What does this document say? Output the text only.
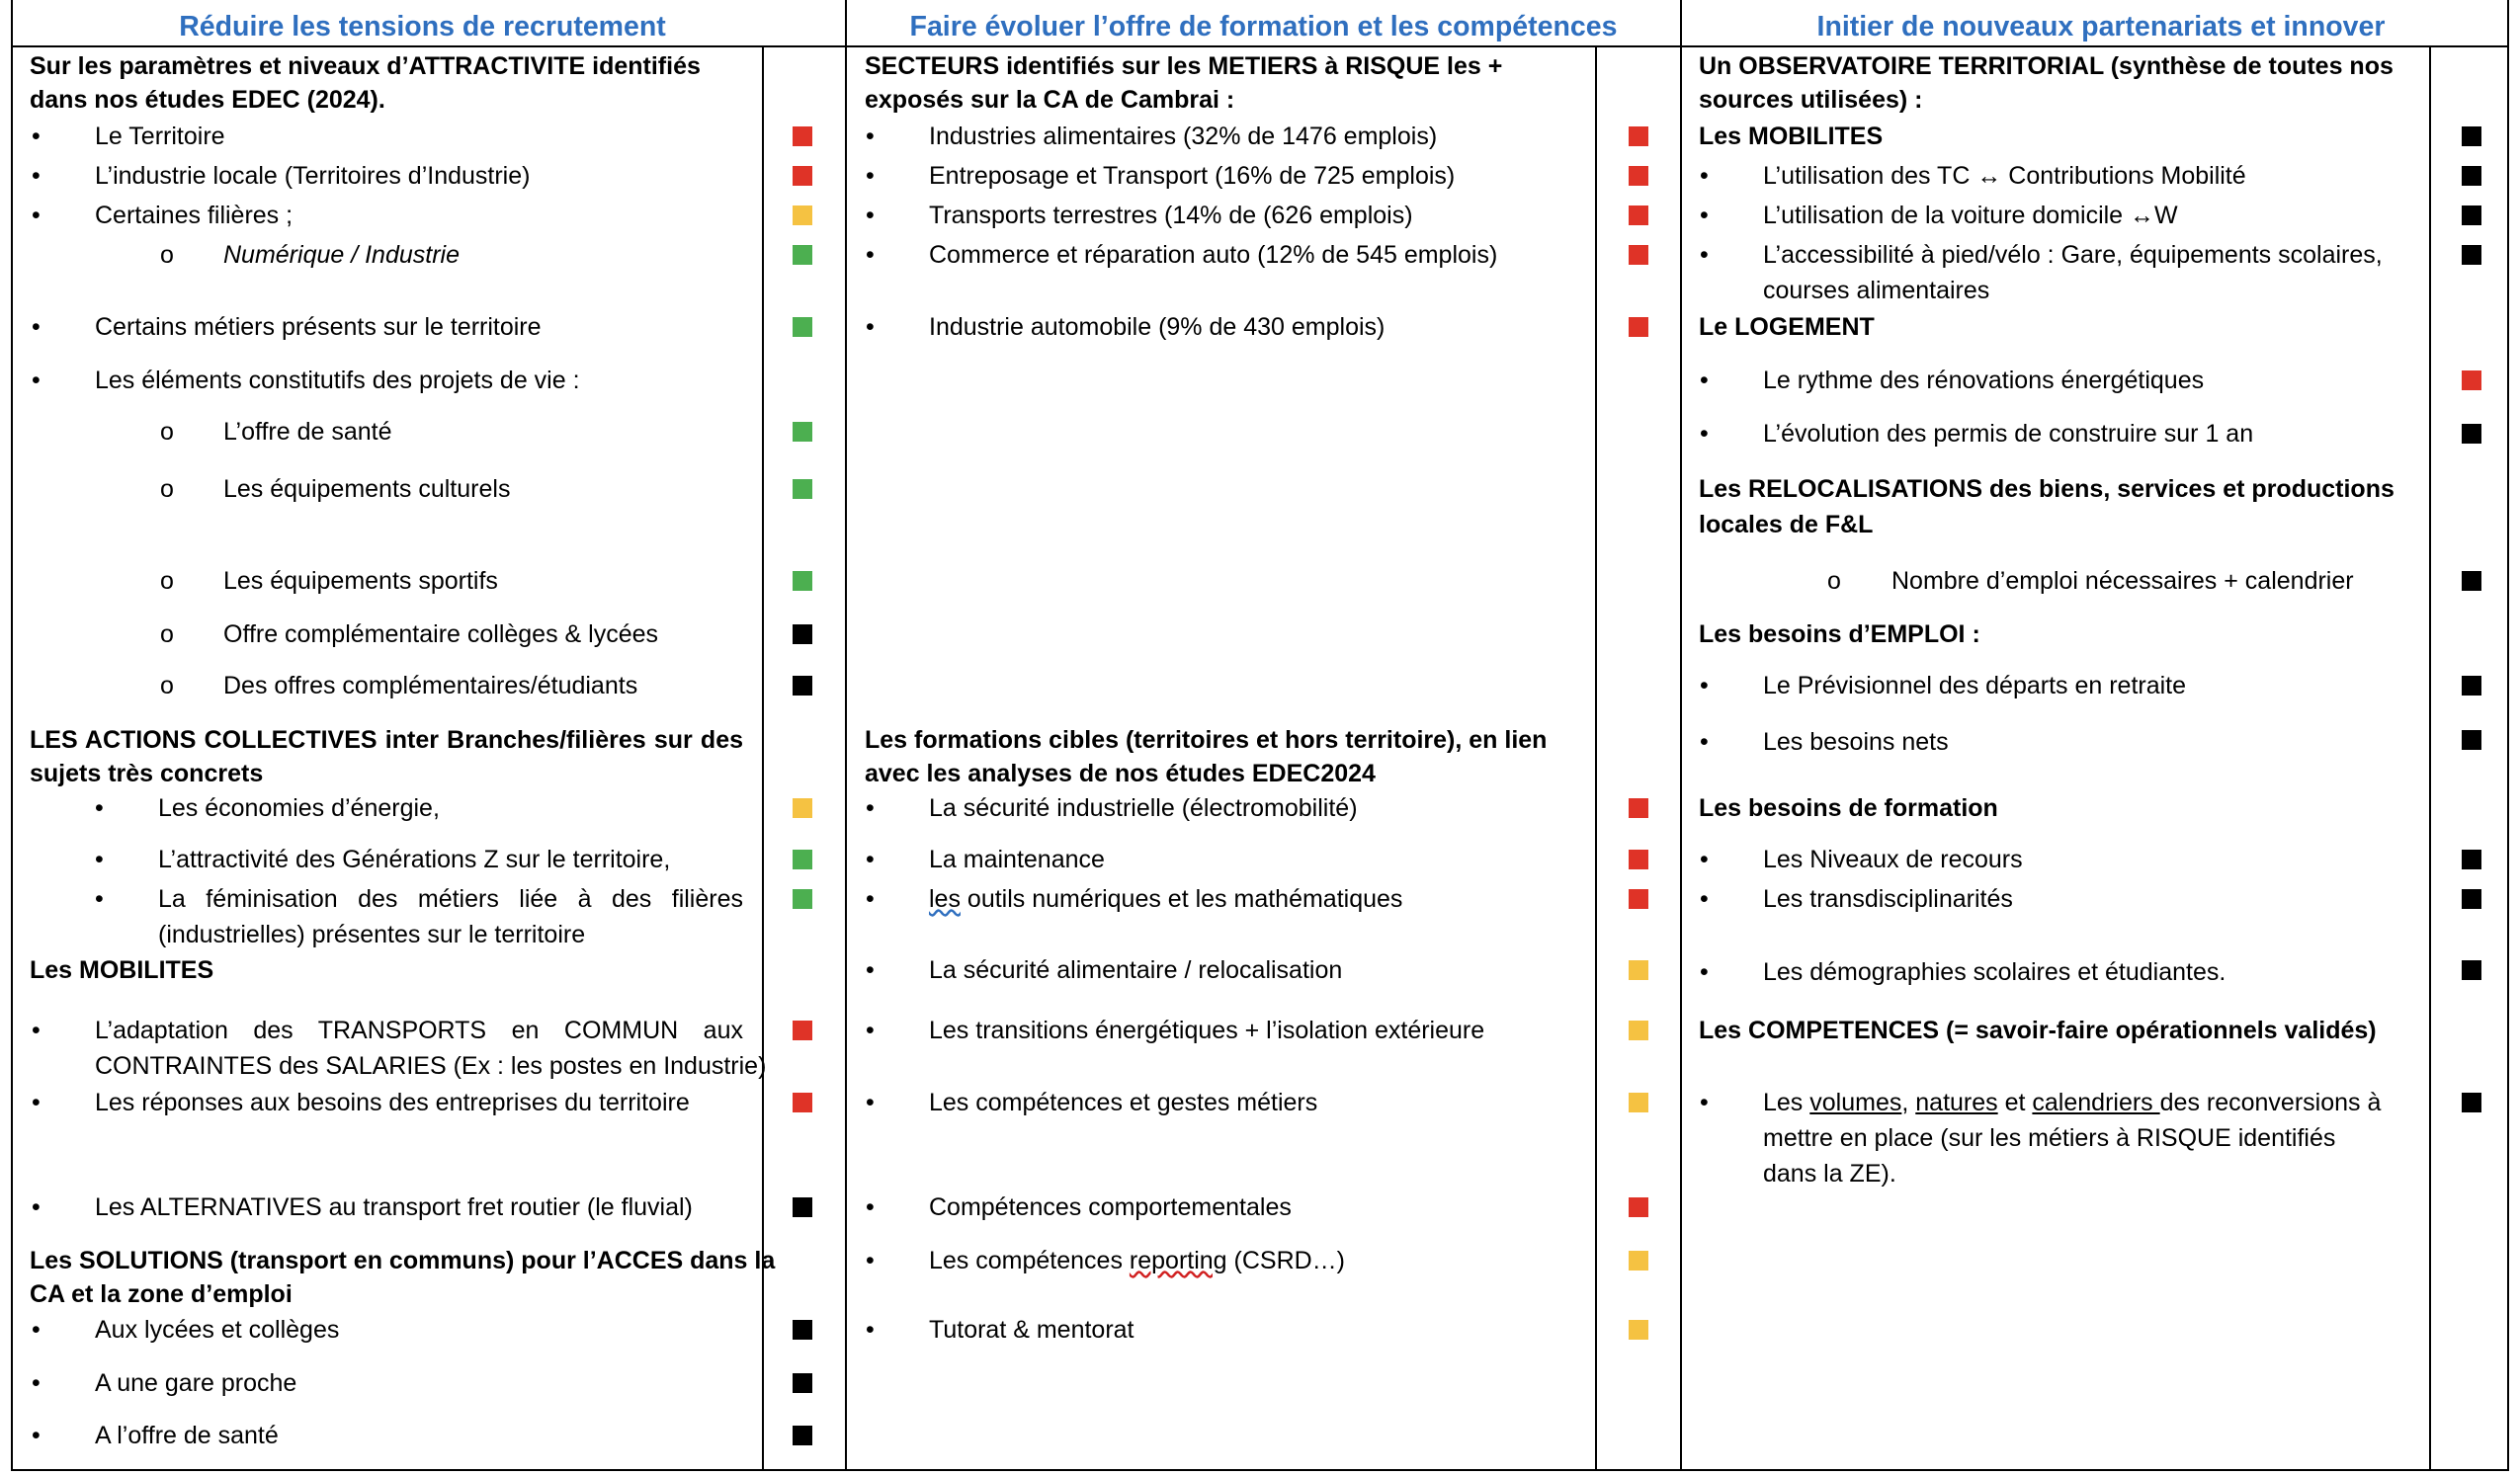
Réduire les tensions de recrutement	Faire évoluer l’offre de formation et les compétences	Initier de nouveaux partenariats et innover
Sur les paramètres et niveaux d’ATTRACTIVITE identifiés
dans nos études EDEC (2024).
• Le Territoire
• L’industrie locale (Territoires d’Industrie)
• Certaines filières ;
o Numérique / Industrie
• Certains métiers présents sur le territoire
• Les éléments constitutifs des projets de vie :
o L’offre de santé
o Les équipements culturels
o Les équipements sportifs
o Offre complémentaire collèges & lycées
o Des offres complémentaires/étudiants
LES ACTIONS COLLECTIVES inter Branches/filières sur des
sujets très concrets
• Les économies d’énergie,
• L’attractivité des Générations Z sur le territoire,
• La féminisation des métiers liée à des filières
(industrielles) présentes sur le territoire
Les MOBILITES
• L’adaptation des TRANSPORTS en COMMUN aux
CONTRAINTES des SALARIES (Ex : les postes en Industrie)
• Les réponses aux besoins des entreprises du territoire
• Les ALTERNATIVES au transport fret routier (le fluvial)
Les SOLUTIONS (transport en communs) pour l’ACCES dans la
CA et la zone d’emploi
• Aux lycées et collèges
• A une gare proche
• A l’offre de santé
SECTEURS identifiés sur les METIERS à RISQUE les +
exposés sur la CA de Cambrai :
• Industries alimentaires (32% de 1476 emplois)
• Entreposage et Transport (16% de 725 emplois)
• Transports terrestres (14% de (626 emplois)
• Commerce et réparation auto (12% de 545 emplois)
• Industrie automobile (9% de 430 emplois)
Les formations cibles (territoires et hors territoire), en lien
avec les analyses de nos études EDEC2024
• La sécurité industrielle (électromobilité)
• La maintenance
• les outils numériques et les mathématiques
• La sécurité alimentaire / relocalisation
• Les transitions énergétiques + l’isolation extérieure
• Les compétences et gestes métiers
• Compétences comportementales
• Les compétences reporting (CSRD…)
• Tutorat & mentorat
Un OBSERVATOIRE TERRITORIAL (synthèse de toutes nos
sources utilisées) :
Les MOBILITES
• L’utilisation des TC ↔ Contributions Mobilité
• L’utilisation de la voiture domicile ↔W
• L’accessibilité à pied/vélo : Gare, équipements scolaires,
courses alimentaires
Le LOGEMENT
• Le rythme des rénovations énergétiques
• L’évolution des permis de construire sur 1 an
Les RELOCALISATIONS des biens, services et productions
locales de F&L
o Nombre d’emploi nécessaires + calendrier
Les besoins d’EMPLOI :
• Le Prévisionnel des départs en retraite
• Les besoins nets
Les besoins de formation
• Les Niveaux de recours
• Les transdisciplinarités
• Les démographies scolaires et étudiantes.
Les COMPETENCES (= savoir-faire opérationnels validés)
• Les volumes, natures et calendriers des reconversions à
mettre en place (sur les métiers à RISQUE identifiés
dans la ZE).
